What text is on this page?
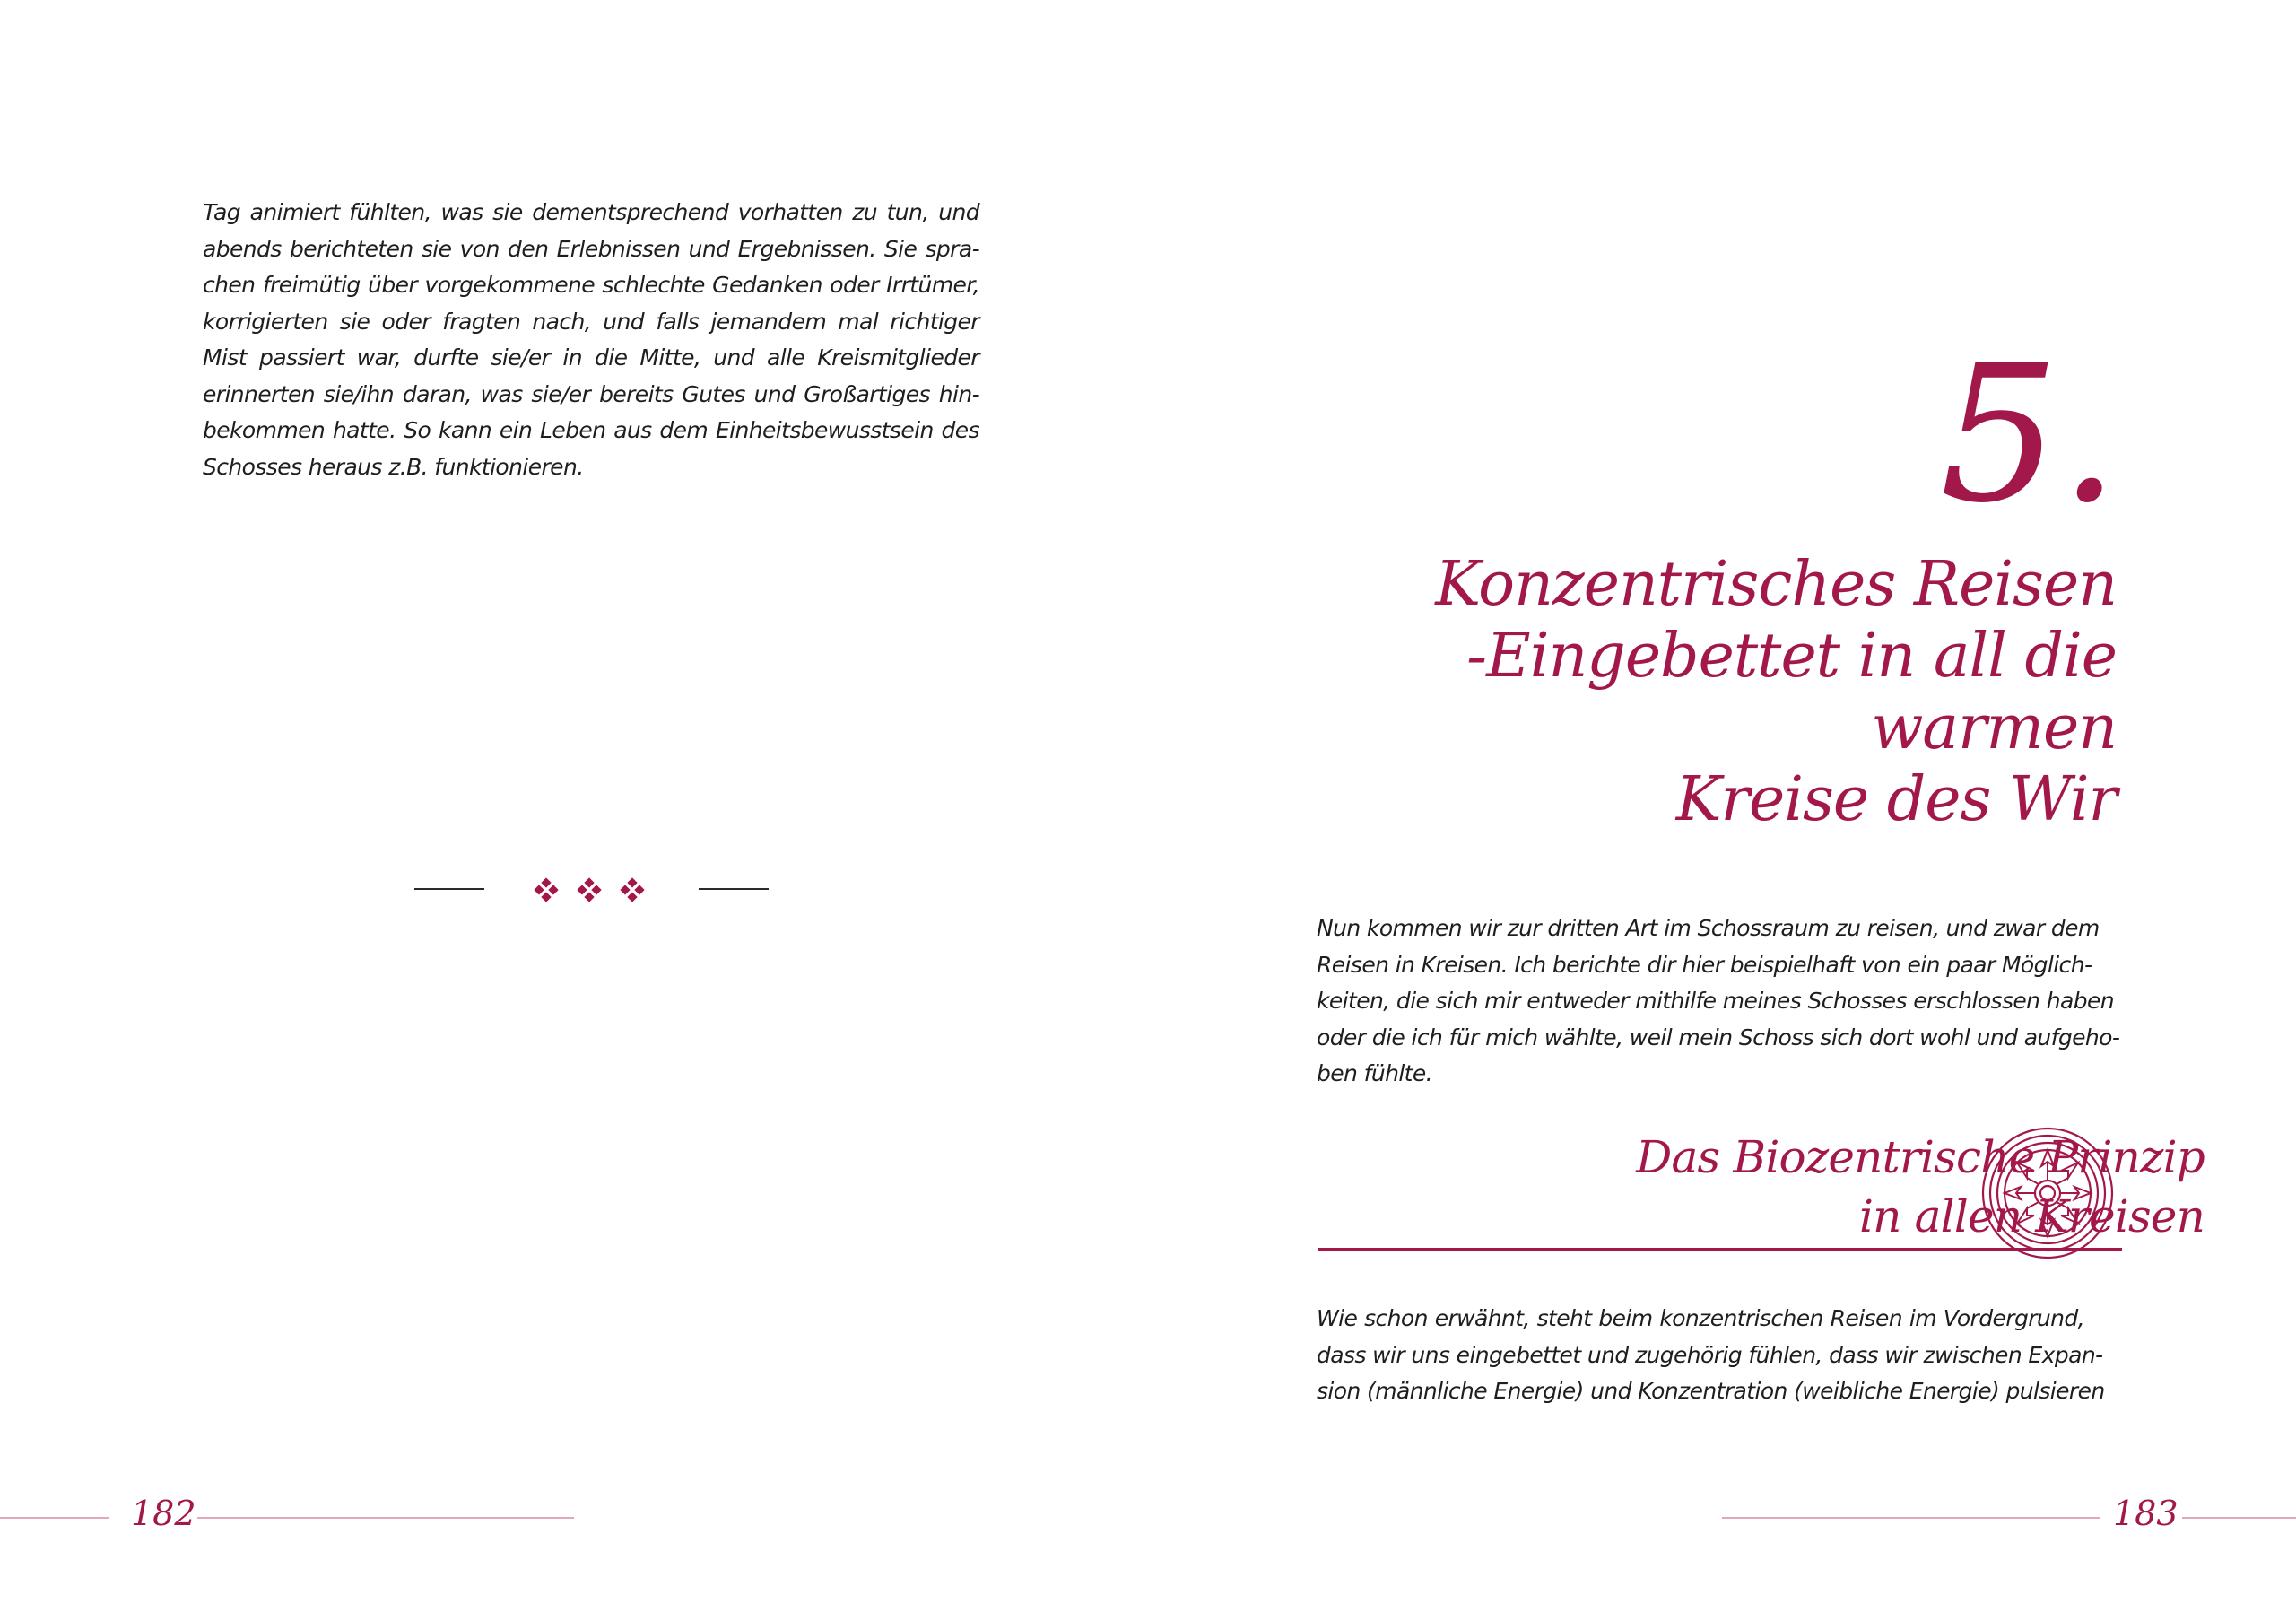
Tag animiert fühlten, was sie dementsprechend vorhatten zu tun, und
abends berichteten sie von den Erlebnissen und Ergebnissen. Sie spra-
chen freimütig über vorgekommene schlechte Gedanken oder Irrtümer,
korrigierten sie oder fragten nach, und falls jemandem mal richtiger
Mist passiert war, durfte sie/er in die Mitte, und alle Kreismitglieder
erinnerten sie/ihn daran, was sie/er bereits Gutes und Großartiges hin-
bekommen hatte. So kann ein Leben aus dem Einheitsbewusstsein des
Schosses heraus z.B. funktionieren.
182
5.
Konzentrisches Reisen
-Eingebettet in all die warmen
Kreise des Wir
Nun kommen wir zur dritten Art im Schossraum zu reisen, und zwar dem
Reisen in Kreisen. Ich berichte dir hier beispielhaft von ein paar Möglich-
keiten, die sich mir entweder mithilfe meines Schosses erschlossen haben
oder die ich für mich wählte, weil mein Schoss sich dort wohl und aufgeho-
ben fühlte.
Das Biozentrische Prinzip
in allen Kreisen
Wie schon erwähnt, steht beim konzentrischen Reisen im Vordergrund,
dass wir uns eingebettet und zugehörig fühlen, dass wir zwischen Expan-
sion (männliche Energie) und Konzentration (weibliche Energie) pulsieren
183
